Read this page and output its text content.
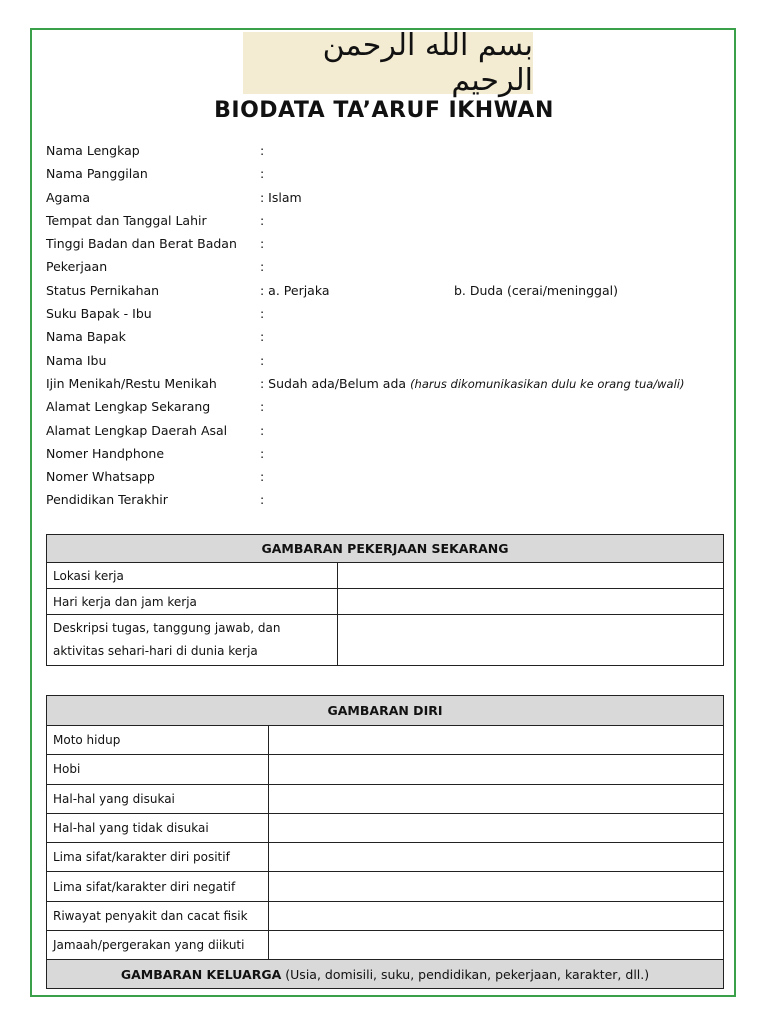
بسم الله الرحمن الرحيم
BIODATA TA’ARUF IKHWAN
Nama Lengkap	:
Nama Panggilan	:
Agama	: Islam
Tempat dan Tanggal Lahir	:
Tinggi Badan dan Berat Badan :
Pekerjaan	:
Status Pernikahan	: a. Perjaka	b. Duda (cerai/meninggal)
Suku Bapak - Ibu	:
Nama Bapak	:
Nama Ibu	:
Ijin Menikah/Restu Menikah	: Sudah ada/Belum ada (harus dikomunikasikan dulu ke orang tua/wali)
Alamat Lengkap Sekarang	:
Alamat Lengkap Daerah Asal	:
Nomer Handphone	:
Nomer Whatsapp	:
Pendidikan Terakhir	:
GAMBARAN PEKERJAAN SEKARANG	
Lokasi kerja	
Hari kerja dan jam kerja	
Deskripsi tugas, tanggung jawab, dan
aktivitas sehari-hari di dunia kerja	
GAMBARAN DIRI	
Moto hidup	
Hobi	
Hal-hal yang disukai	
Hal-hal yang tidak disukai	
Lima sifat/karakter diri positif	
Lima sifat/karakter diri negatif	
Riwayat penyakit dan cacat fisik	
Jamaah/pergerakan yang diikuti	
GAMBARAN KELUARGA (Usia, domisili, suku, pendidikan, pekerjaan, karakter, dll.)	
